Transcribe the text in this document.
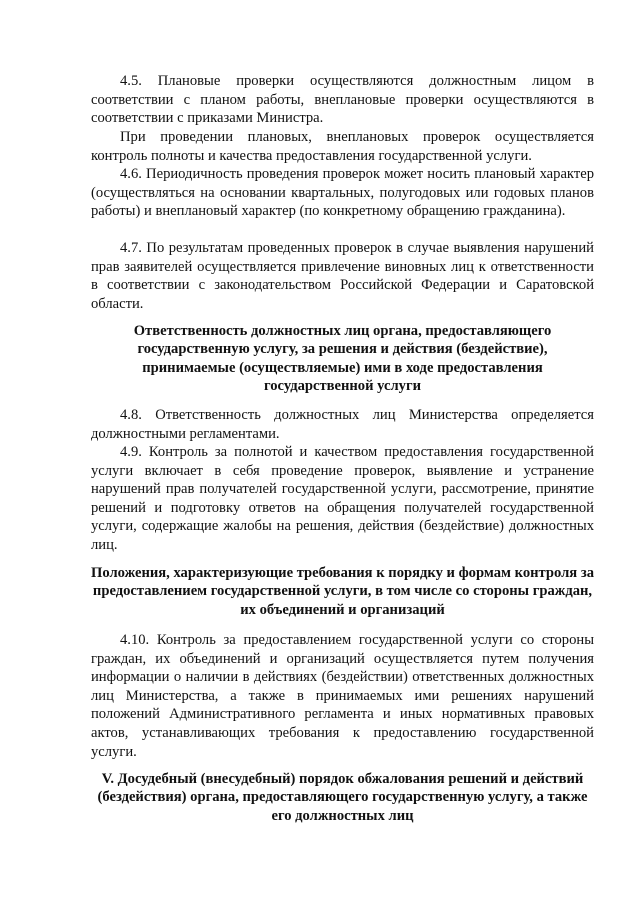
4.5. Плановые проверки осуществляются должностным лицом в соответствии с планом работы, внеплановые проверки осуществляются в соответствии с приказами Министра.

При проведении плановых, внеплановых проверок осуществляется контроль полноты и качества предоставления государственной услуги.

4.6. Периодичность проведения проверок может носить плановый характер (осуществляться на основании квартальных, полугодовых или годовых планов работы) и внеплановый характер (по конкретному обращению гражданина).

4.7. По результатам проведенных проверок в случае выявления нарушений прав заявителей осуществляется привлечение виновных лиц к ответственности в соответствии с законодательством Российской Федерации и Саратовской области.

Ответственность должностных лиц органа, предоставляющего государственную услугу, за решения и действия (бездействие), принимаемые (осуществляемые) ими в ходе предоставления государственной услуги

4.8. Ответственность должностных лиц Министерства определяется должностными регламентами.

4.9. Контроль за полнотой и качеством предоставления государственной услуги включает в себя проведение проверок, выявление и устранение нарушений прав получателей государственной услуги, рассмотрение, принятие решений и подготовку ответов на обращения получателей государственной услуги, содержащие жалобы на решения, действия (бездействие) должностных лиц.

Положения, характеризующие требования к порядку и формам контроля за предоставлением государственной услуги, в том числе со стороны граждан, их объединений и организаций

4.10. Контроль за предоставлением государственной услуги со стороны граждан, их объединений и организаций осуществляется путем получения информации о наличии в действиях (бездействии) ответственных должностных лиц Министерства, а также в принимаемых ими решениях нарушений положений Административного регламента и иных нормативных правовых актов, устанавливающих требования к предоставлению государственной услуги.

V. Досудебный (внесудебный) порядок обжалования решений и действий (бездействия) органа, предоставляющего государственную услугу, а также его должностных лиц
